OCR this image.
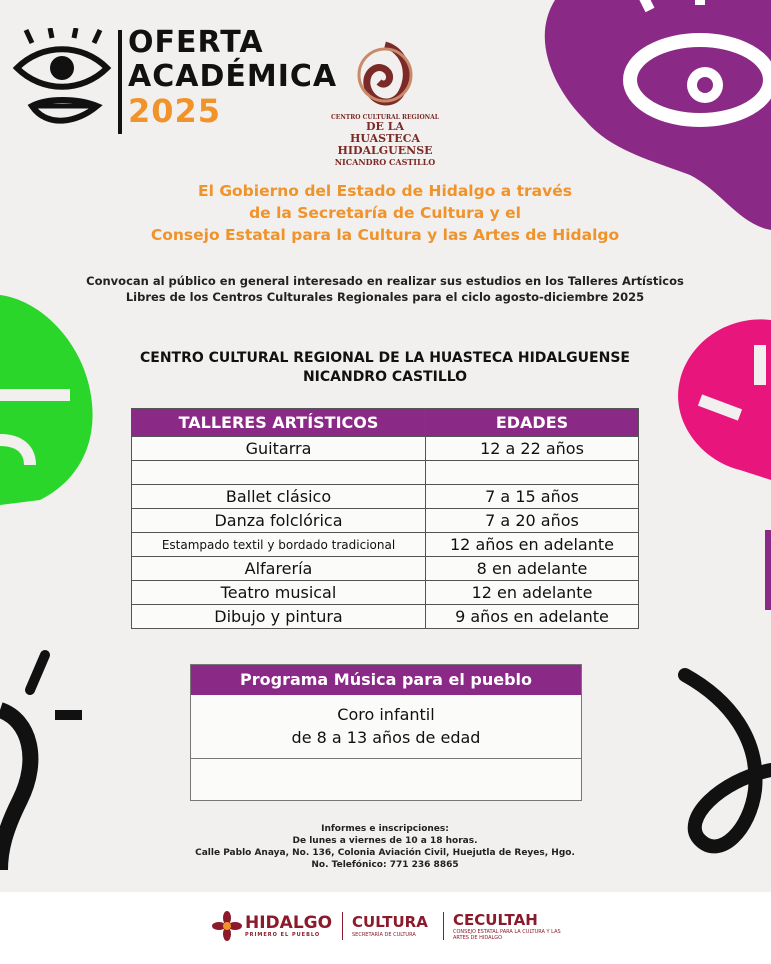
OFERTA
ACADÉMICA
2025	CENTRO CULTURAL REGIONAL
DE LA HUASTECA
HIDALGUENSE
NICANDRO CASTILLO
El Gobierno del Estado de Hidalgo a través
de la Secretaría de Cultura y el
Consejo Estatal para la Cultura y las Artes de Hidalgo
Convocan al público en general interesado en realizar sus estudios en los Talleres Artísticos
Libres de los Centros Culturales Regionales para el ciclo agosto-diciembre 2025
CENTRO CULTURAL REGIONAL DE LA HUASTECA HIDALGUENSE
NICANDRO CASTILLO
TALLERES ARTÍSTICOS	EDADES
Guitarra	12 a 22 años

Ballet clásico	7 a 15 años
Danza folclórica	7 a 20 años
Estampado textil y bordado tradicional	12 años en adelante
Alfarería	8 en adelante
Teatro musical	12 en adelante
Dibujo y pintura	9 años en adelante
Programa Música para el pueblo
Coro infantil
de 8 a 13 años de edad
Informes e inscripciones:
De lunes a viernes de 10 a 18 horas.
Calle Pablo Anaya, No. 136, Colonia Aviación Civil, Huejutla de Reyes, Hgo.
No. Telefónico: 771 236 8865
HIDALGO
PRIMERO EL PUEBLO
CULTURA
SECRETARÍA DE CULTURA
CECULTAH
CONSEJO ESTATAL PARA LA CULTURA Y LAS ARTES DE HIDALGO
